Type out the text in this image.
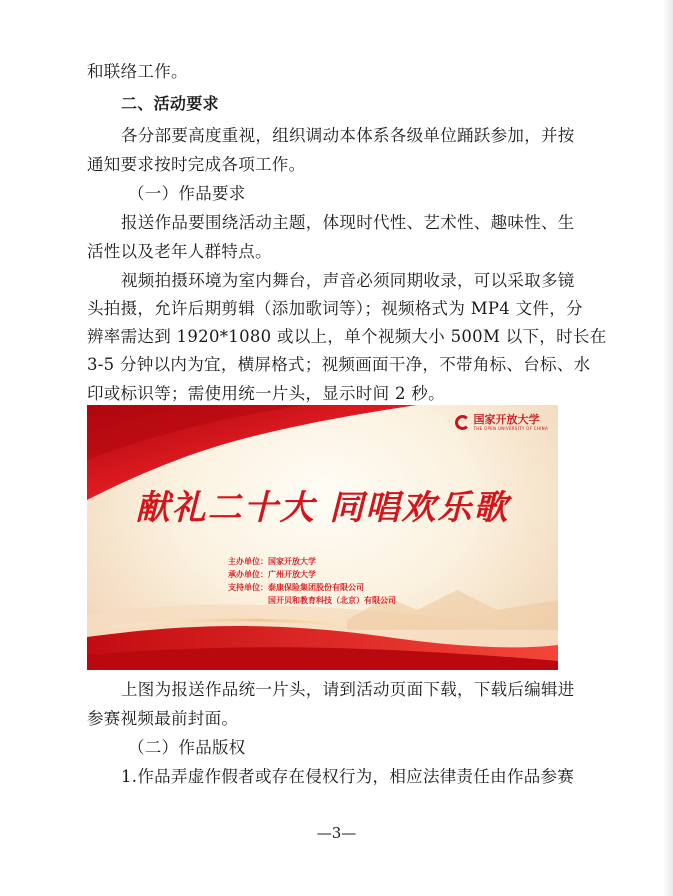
和联络工作。
二、活动要求
各分部要高度重视，组织调动本体系各级单位踊跃参加，并按
通知要求按时完成各项工作。
（一）作品要求
报送作品要围绕活动主题，体现时代性、艺术性、趣味性、生
活性以及老年人群特点。
视频拍摄环境为室内舞台，声音必须同期收录，可以采取多镜
头拍摄，允许后期剪辑（添加歌词等）；视频格式为 MP4 文件，分
辨率需达到 1920*1080 或以上，单个视频大小 500M 以下，时长在
3-5 分钟以内为宜，横屏格式；视频画面干净，不带角标、台标、水
印或标识等；需使用统一片头，显示时间 2 秒。
国家开放大学
THE OPEN UNIVERSITY OF CHINA
献礼二十大 同唱欢乐歌
主办单位：国家开放大学
承办单位：广州开放大学
支持单位：泰康保险集团股份有限公司
　　　　　国开贝和教育科技（北京）有限公司
上图为报送作品统一片头，请到活动页面下载，下载后编辑进
参赛视频最前封面。
（二）作品版权
1.作品弄虚作假者或存在侵权行为，相应法律责任由作品参赛
—3—
